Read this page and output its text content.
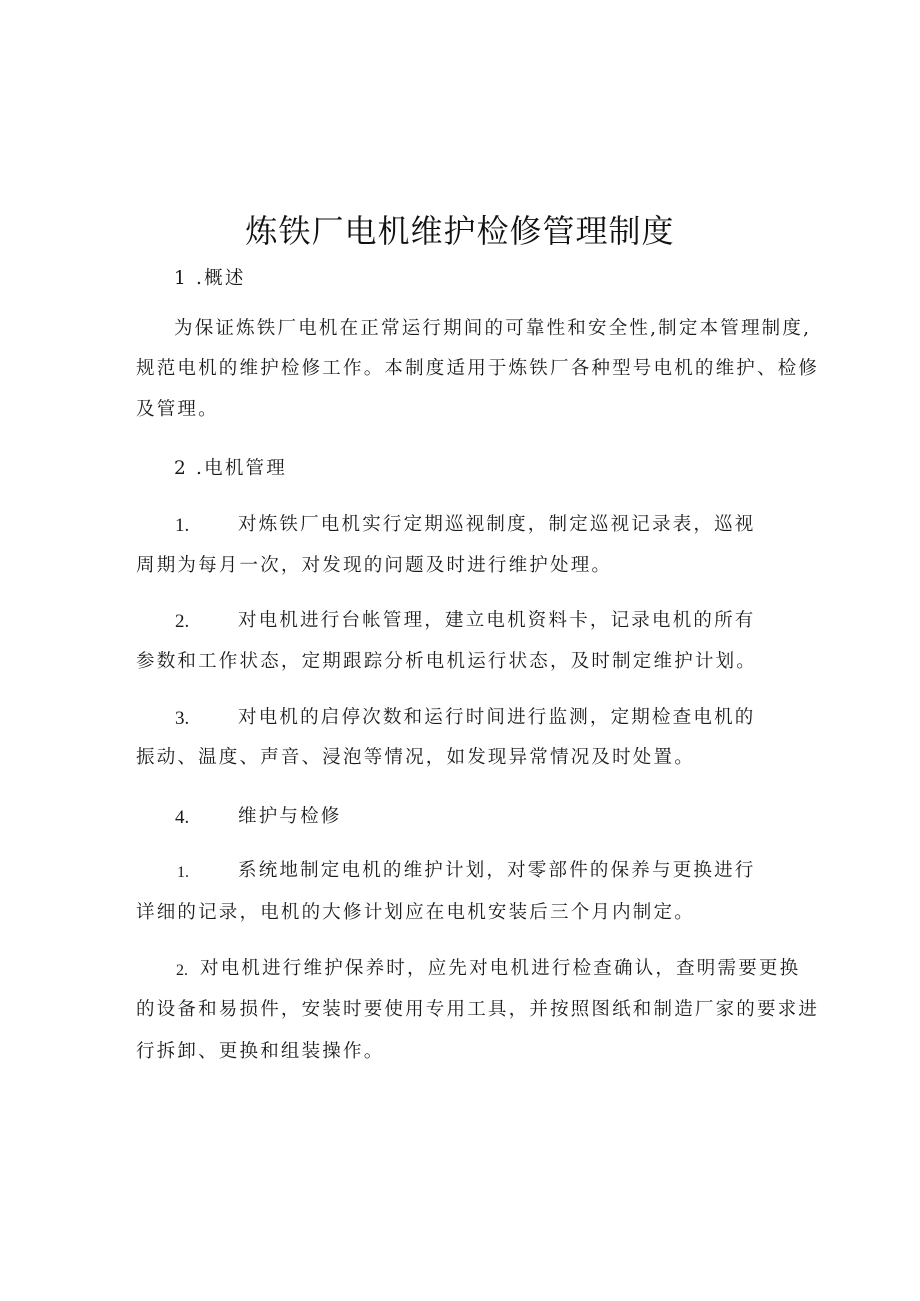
炼铁厂电机维护检修管理制度
1 .概述
为保证炼铁厂电机在正常运行期间的可靠性和安全性,制定本管理制度,
规范电机的维护检修工作。本制度适用于炼铁厂各种型号电机的维护、检修
及管理。
2 .电机管理
1.	对炼铁厂电机实行定期巡视制度，制定巡视记录表，巡视
周期为每月一次，对发现的问题及时进行维护处理。
2.	对电机进行台帐管理，建立电机资料卡，记录电机的所有
参数和工作状态，定期跟踪分析电机运行状态，及时制定维护计划。
3.	对电机的启停次数和运行时间进行监测，定期检查电机的
振动、温度、声音、浸泡等情况，如发现异常情况及时处置。
4.	维护与检修
1.	系统地制定电机的维护计划，对零部件的保养与更换进行
详细的记录，电机的大修计划应在电机安装后三个月内制定。
2. 对电机进行维护保养时，应先对电机进行检查确认，查明需要更换
的设备和易损件，安装时要使用专用工具，并按照图纸和制造厂家的要求进
行拆卸、更换和组装操作。
